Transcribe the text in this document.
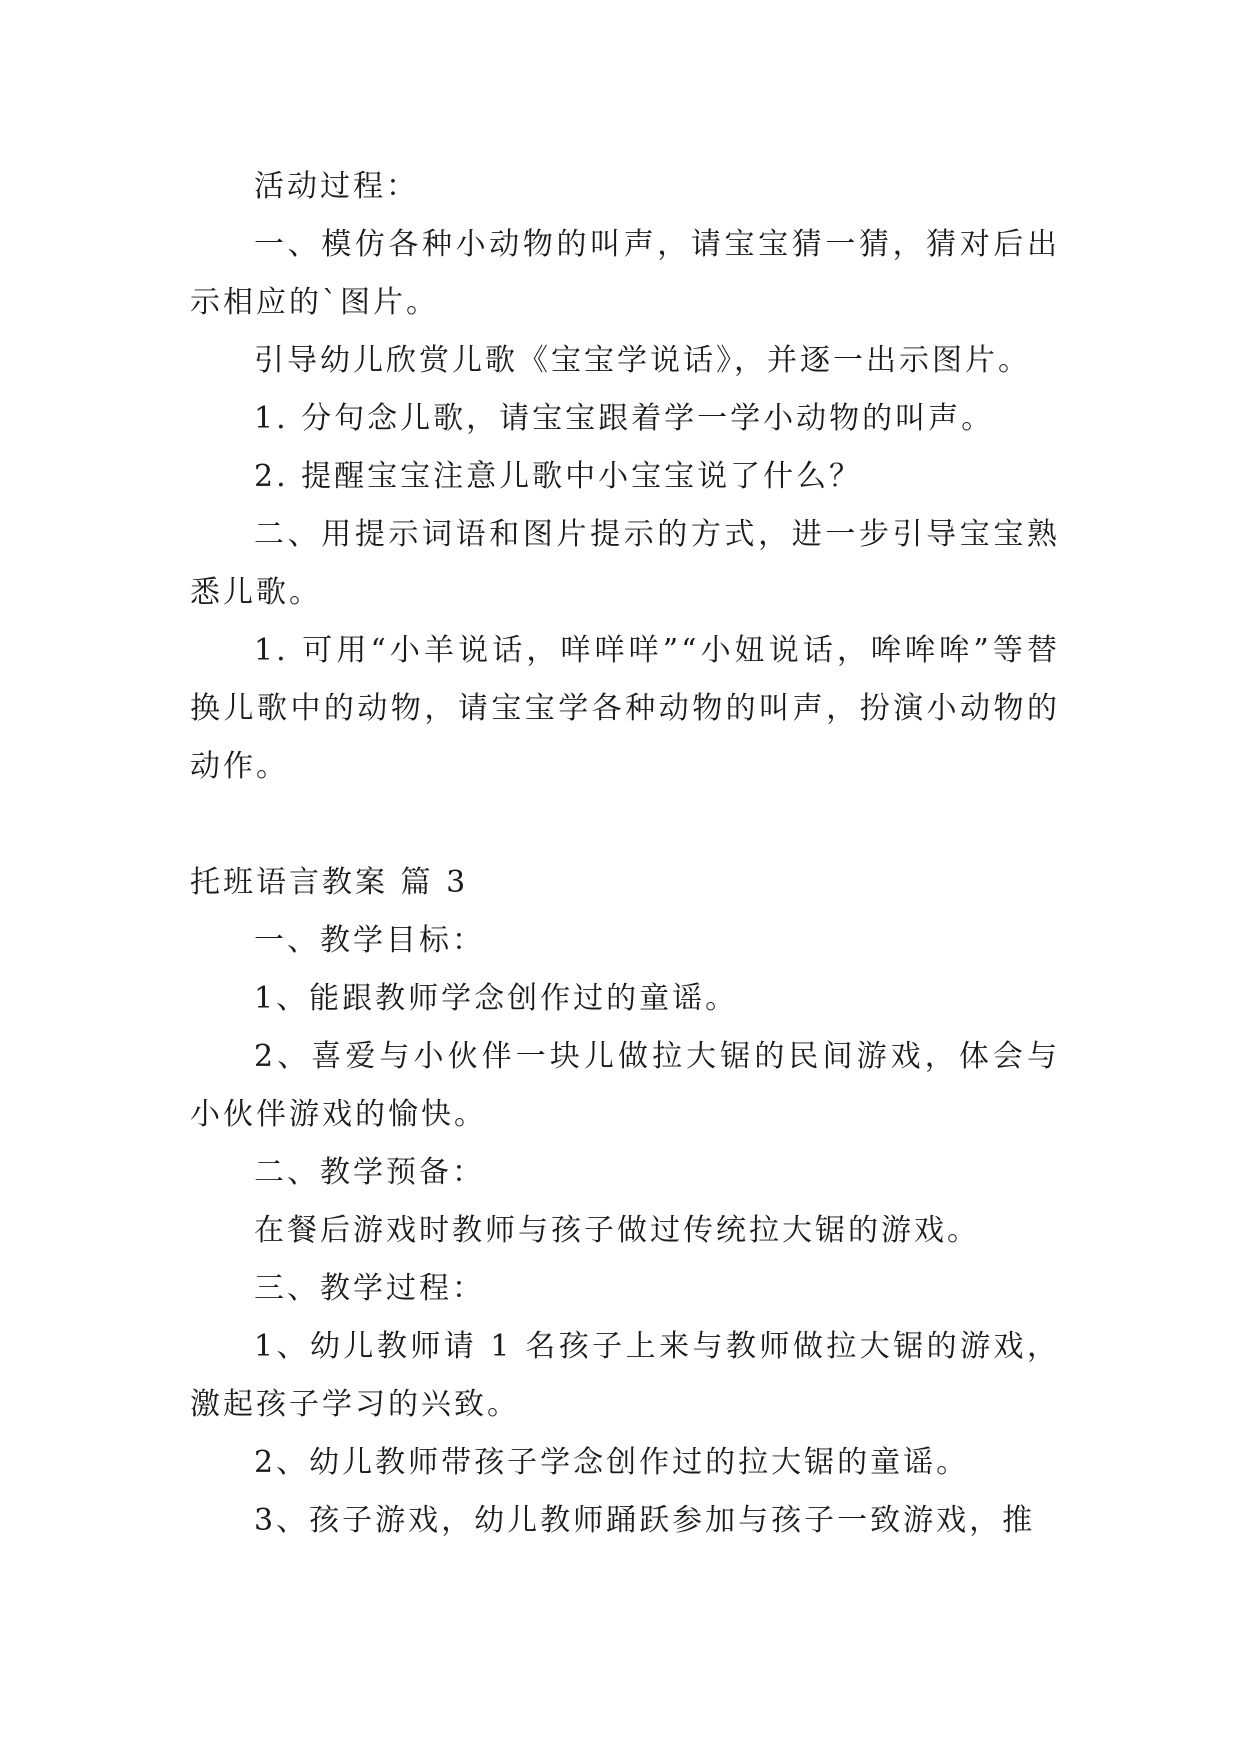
活动过程：

一、模仿各种小动物的叫声，请宝宝猜一猜，猜对后出示相应的`图片。

引导幼儿欣赏儿歌《宝宝学说话》，并逐一出示图片。

1. 分句念儿歌，请宝宝跟着学一学小动物的叫声。

2. 提醒宝宝注意儿歌中小宝宝说了什么？

二、用提示词语和图片提示的方式，进一步引导宝宝熟悉儿歌。

1. 可用“小羊说话，咩咩咩”“小妞说话，哞哞哞”等替换儿歌中的动物，请宝宝学各种动物的叫声，扮演小动物的动作。

托班语言教案 篇 3

一、教学目标：

1、能跟教师学念创作过的童谣。

2、喜爱与小伙伴一块儿做拉大锯的民间游戏，体会与小伙伴游戏的愉快。

二、教学预备：

在餐后游戏时教师与孩子做过传统拉大锯的游戏。

三、教学过程：

1、幼儿教师请 1 名孩子上来与教师做拉大锯的游戏，激起孩子学习的兴致。

2、幼儿教师带孩子学念创作过的拉大锯的童谣。

3、孩子游戏，幼儿教师踊跃参加与孩子一致游戏，推
